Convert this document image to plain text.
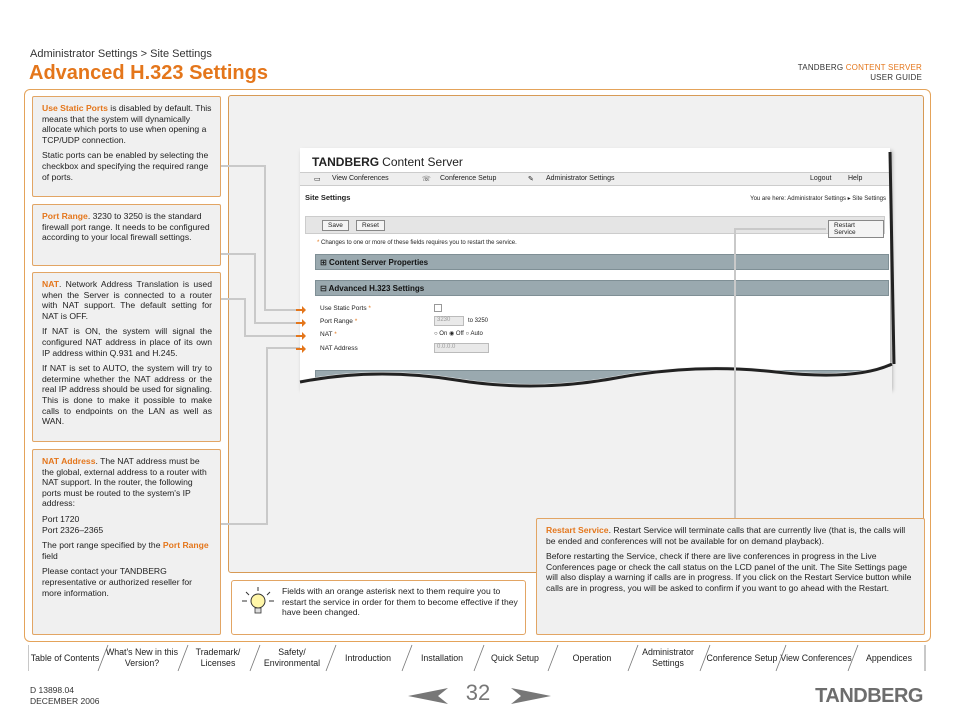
Administrator Settings > Site Settings
Advanced H.323 Settings	TANDBERG CONTENT SERVER
USER GUIDE

Use Static Ports is disabled by default. This means that the system will dynamically allocate which ports to use when opening a TCP/UDP connection.

Static ports can be enabled by selecting the checkbox and specifying the required range of ports.

Port Range. 3230 to 3250 is the standard firewall port range. It needs to be configured according to your local firewall settings.

NAT. Network Address Translation is used when the Server is connected to a router with NAT support. The default setting for NAT is OFF.

If NAT is ON, the system will signal the configured NAT address in place of its own IP address within Q.931 and H.245.

If NAT is set to AUTO, the system will try to determine whether the NAT address or the real IP address should be used for signaling. This is done to make it possible to make calls to endpoints on the LAN as well as WAN.

NAT Address. The NAT address must be the global, external address to a router with NAT support. In the router, the following ports must be routed to the system's IP address:

Port 1720
Port 2326–2365

The port range specified by the Port Range field

Please contact your TANDBERG representative or authorized reseller for more information.

Restart Service. Restart Service will terminate calls that are currently live (that is, the calls will be ended and conferences will not be available for on demand playback).

Before restarting the Service, check if there are live conferences in progress in the Live Conferences page or check the call status on the LCD panel of the unit. The Site Settings page will also display a warning if calls are in progress. If you click on the Restart Service button while calls are in progress, you will be asked to confirm if you want to go ahead with the Restart.

TANDBERG Content Server
▭ View Conferences	☏ Conference Setup	✎ Administrator Settings	Logout Help
Site Settings	You are here: Administrator Settings ▸ Site Settings
Save	Reset	Restart Service
* Changes to one or more of these fields requires you to restart the service.
⊞ Content Server Properties
⊟ Advanced H.323 Settings
Use Static Ports *
Port Range *	3230	to 3250
NAT *	○ On ◉ Off ○ Auto
NAT Address	0.0.0.0
Fields with an orange asterisk next to them require you to restart the service in order for them to become effective if they have been changed.
Table of Contents
What's New in this Version?
Trademark/ Licenses
Safety/ Environmental
Introduction	Installation	Quick Setup	Operation
Administrator Settings
Conference Setup View Conferences	Appendices
D 13898.04
DECEMBER 2006	32	TANDBERG
